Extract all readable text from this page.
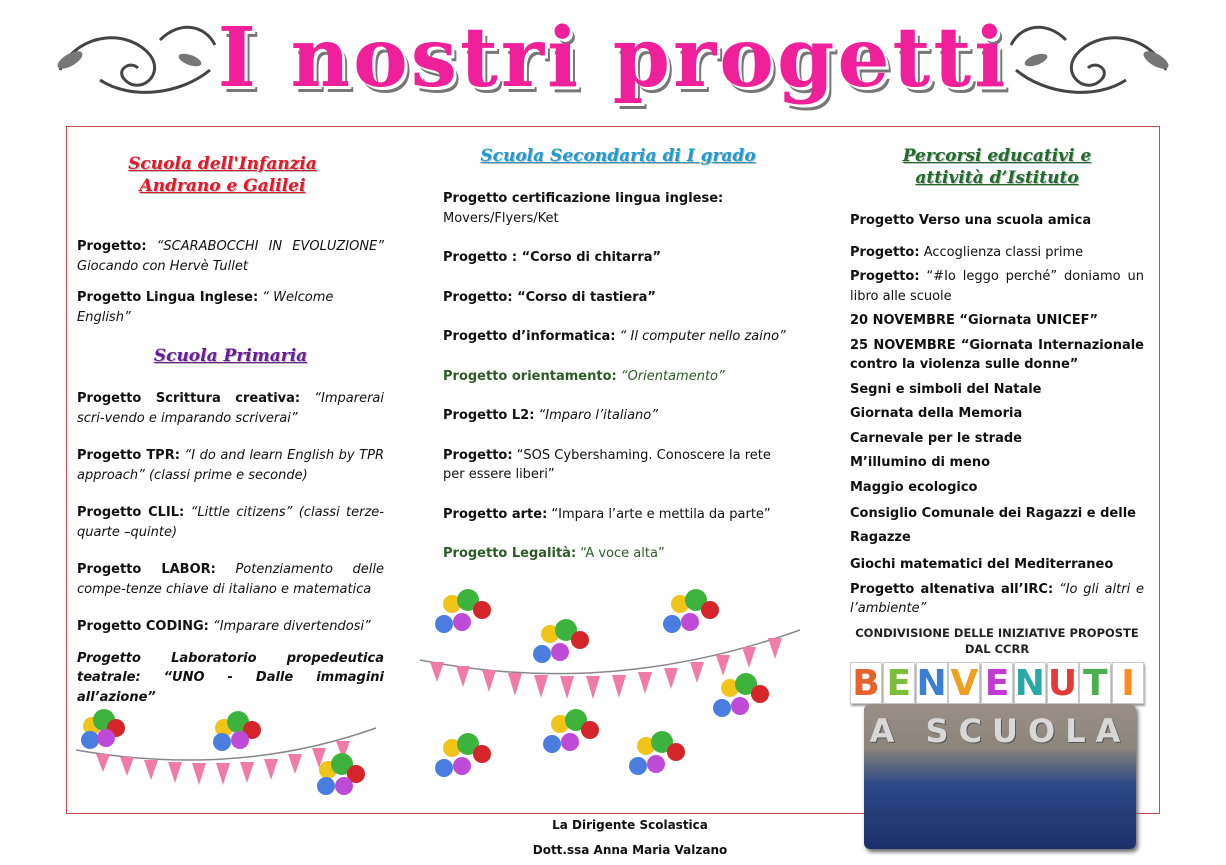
I nostri progetti
Scuola dell'Infanzia
Andrano e Galilei

Progetto: “SCARABOCCHI IN EVOLUZIONE” Giocando con Hervè Tullet

Progetto Lingua Inglese: “ Welcome English”

Scuola Primaria

Progetto Scrittura creativa: “Imparerai scri-vendo e imparando scriverai”

Progetto TPR: “I do and learn English by TPR approach” (classi prime e seconde)

Progetto CLIL: “Little citizens” (classi terze-quarte –quinte)

Progetto LABOR: Potenziamento delle compe-tenze chiave di italiano e matematica

Progetto CODING: “Imparare divertendosi”

Progetto Laboratorio propedeutica teatrale: “UNO - Dalle immagini all’azione”

Scuola Secondaria di I grado

Progetto certificazione lingua inglese:
Movers/Flyers/Ket

Progetto : “Corso di chitarra”

Progetto: “Corso di tastiera”

Progetto d’informatica: “ Il computer nello zaino”

Progetto orientamento: “Orientamento”

Progetto L2: “Imparo l’italiano”

Progetto: “SOS Cybershaming. Conoscere la rete per essere liberi”

Progetto arte: “Impara l’arte e mettila da parte”

Progetto Legalità: “A voce alta”

Percorsi educativi e
attività d’Istituto

Progetto Verso una scuola amica

Progetto: Accoglienza classi prime

Progetto: “#Io leggo perché” doniamo un libro alle scuole

20 NOVEMBRE “Giornata UNICEF”

25 NOVEMBRE “Giornata Internazionale contro la violenza sulle donne”

Segni e simboli del Natale

Giornata della Memoria

Carnevale per le strade

M’illumino di meno

Maggio ecologico

Consiglio Comunale dei Ragazzi e delle Ragazze

Giochi matematici del Mediterraneo

Progetto altenativa all’IRC: “Io gli altri e l’ambiente”

CONDIVISIONE DELLE INIZIATIVE PROPOSTE
DAL CCRR
B E N V E N U T I
A SCUOLA
La Dirigente Scolastica
Dott.ssa Anna Maria Valzano
